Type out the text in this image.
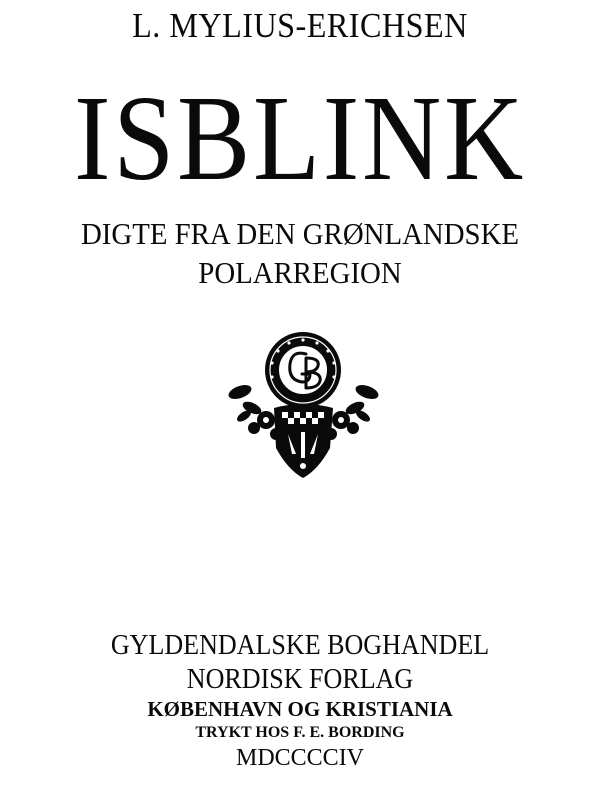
L. MYLIUS-ERICHSEN
ISBLINK
DIGTE FRA DEN GRØNLANDSKE
POLARREGION
GYLDENDALSKE BOGHANDEL
NORDISK FORLAG
KØBENHAVN OG KRISTIANIA
TRYKT HOS F. E. BORDING
MDCCCCIV
